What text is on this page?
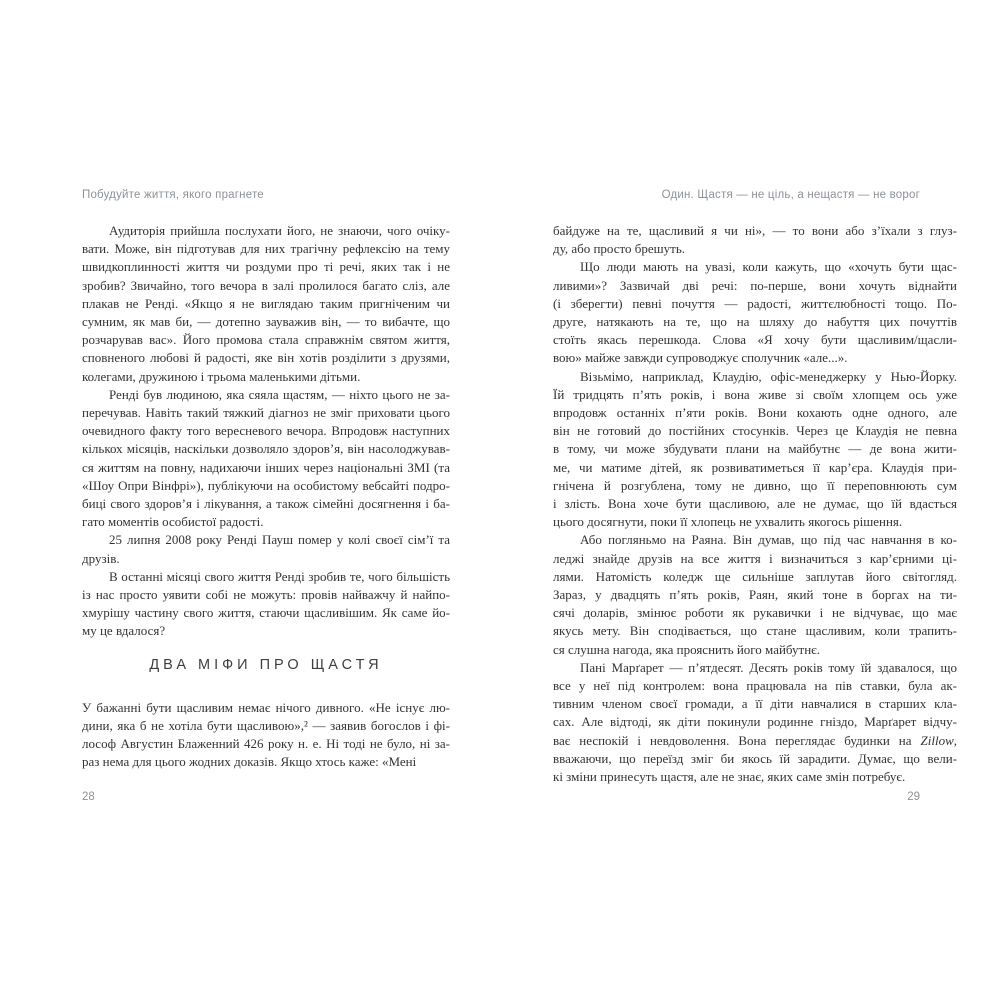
Побудуйте життя, якого прагнете	Один. Щастя — не ціль, а нещастя — не ворог
Аудиторія прийшла послухати його, не знаючи, чого очіку-
вати. Може, він підготував для них трагічну рефлексію на тему
швидкоплинності життя чи роздуми про ті речі, яких так і не
зробив? Звичайно, того вечора в залі пролилося багато сліз, але
плакав не Ренді. «Якщо я не виглядаю таким пригніченим чи
сумним, як мав би, — дотепно зауважив він, — то вибачте, що
розчарував вас». Його промова стала справжнім святом життя,
сповненого любові й радості, яке він хотів розділити з друзями,
колегами, дружиною і трьома маленькими дітьми.
Ренді був людиною, яка сяяла щастям, — ніхто цього не за-
перечував. Навіть такий тяжкий діагноз не зміг приховати цього
очевидного факту того вересневого вечора. Впродовж наступних
кількох місяців, наскільки дозволяло здоров’я, він насолоджував-
ся життям на повну, надихаючи інших через національні ЗМІ (та
«Шоу Опри Вінфрі»), публікуючи на особистому вебсайті подро-
биці свого здоров’я і лікування, а також сімейні досягнення і ба-
гато моментів особистої радості.
25 липня 2008 року Ренді Пауш помер у колі своєї сім’ї та
друзів.
В останні місяці свого життя Ренді зробив те, чого більшість
із нас просто уявити собі не можуть: провів найважчу й найпо-
хмурішу частину свого життя, стаючи щасливішим. Як саме йо-
му це вдалося?
ДВА МІФИ ПРО ЩАСТЯ
У бажанні бути щасливим немає нічого дивного. «Не існує лю-
дини, яка б не хотіла бути щасливою»,² — заявив богослов і фі-
лософ Августин Блаженний 426 року н. е. Ні тоді не було, ні за-
раз нема для цього жодних доказів. Якщо хтось каже: «Мені
байдуже на те, щасливий я чи ні», — то вони або з’їхали з глуз-
ду, або просто брешуть.
Що люди мають на увазі, коли кажуть, що «хочуть бути щас-
ливими»? Зазвичай дві речі: по-перше, вони хочуть віднайти
(і зберегти) певні почуття — радості, життєлюбності тощо. По-
друге, натякають на те, що на шляху до набуття цих почуттів
стоїть якась перешкода. Слова «Я хочу бути щасливим/щасли-
вою» майже завжди супроводжує сполучник «але...».
Візьмімо, наприклад, Клаудію, офіс-менеджерку у Нью-Йорку.
Їй тридцять п’ять років, і вона живе зі своїм хлопцем ось уже
впродовж останніх п’яти років. Вони кохають одне одного, але
він не готовий до постійних стосунків. Через це Клаудія не певна
в тому, чи може збудувати плани на майбутнє — де вона жити-
ме, чи матиме дітей, як розвиватиметься її кар’єра. Клаудія при-
гнічена й розгублена, тому не дивно, що її переповнюють сум
і злість. Вона хоче бути щасливою, але не думає, що їй вдасться
цього досягнути, поки її хлопець не ухвалить якогось рішення.
Або погляньмо на Раяна. Він думав, що під час навчання в ко-
леджі знайде друзів на все життя і визначиться з кар’єрними ці-
лями. Натомість коледж ще сильніше заплутав його світогляд.
Зараз, у двадцять п’ять років, Раян, який тоне в боргах на ти-
сячі доларів, змінює роботи як рукавички і не відчуває, що має
якусь мету. Він сподівається, що стане щасливим, коли трапить-
ся слушна нагода, яка прояснить його майбутнє.
Пані Марґарет — п’ятдесят. Десять років тому їй здавалося, що
все у неї під контролем: вона працювала на пів ставки, була ак-
тивним членом своєї громади, а її діти навчалися в старших кла-
сах. Але відтоді, як діти покинули родинне гніздо, Марґарет відчу-
ває неспокій і невдоволення. Вона переглядає будинки на Zillow,
вважаючи, що переїзд зміг би якось їй зарадити. Думає, що вели-
кі зміни принесуть щастя, але не знає, яких саме змін потребує.
28	29
